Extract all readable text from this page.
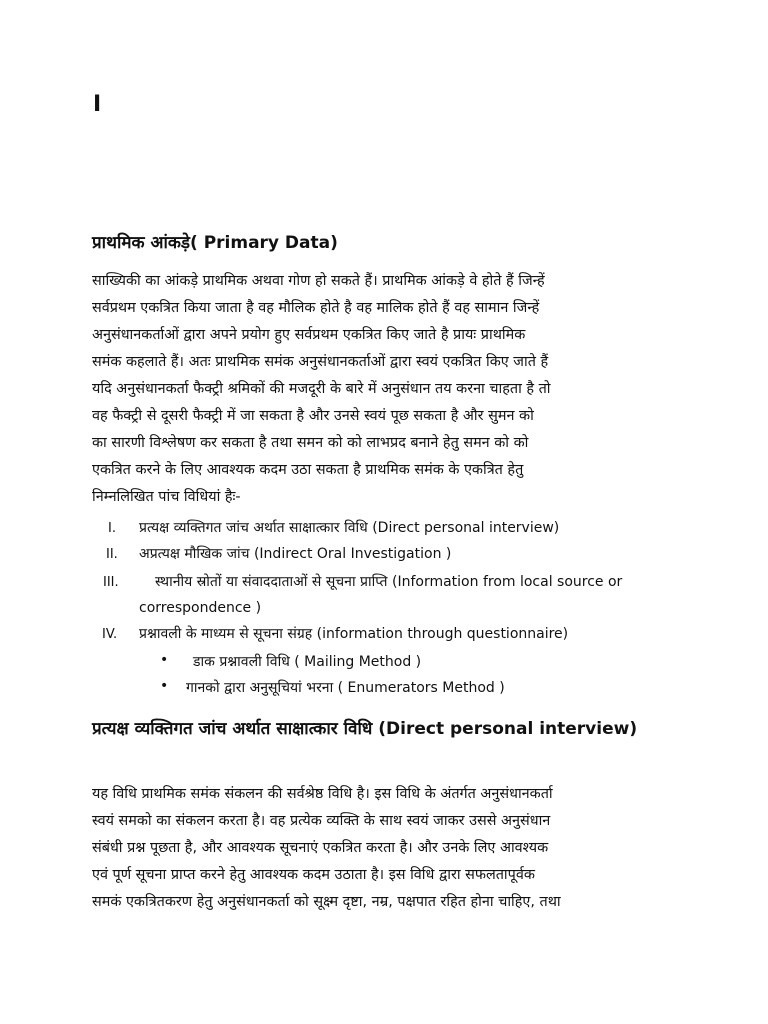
I
प्राथमिक आंकड़े( Primary Data)
साख्यिकी का आंकड़े प्राथमिक अथवा गोण हो सकते हैं। प्राथमिक आंकड़े वे होते हैं जिन्हें
सर्वप्रथम एकत्रित किया जाता है वह मौलिक होते है वह मालिक होते हैं वह सामान जिन्हें
अनुसंधानकर्ताओं द्वारा अपने प्रयोग हुए सर्वप्रथम एकत्रित किए जाते है प्रायः प्राथमिक
समंक कहलाते हैं। अतः प्राथमिक समंक अनुसंधानकर्ताओं द्वारा स्वयं एकत्रित किए जाते हैं
यदि अनुसंधानकर्ता फैक्ट्री श्रमिकों की मजदूरी के बारे में अनुसंधान तय करना चाहता है तो
वह फैक्ट्री से दूसरी फैक्ट्री में जा सकता है और उनसे स्वयं पूछ सकता है और सुमन को
का सारणी विश्लेषण कर सकता है तथा समन को को लाभप्रद बनाने हेतु समन को को
एकत्रित करने के लिए आवश्यक कदम उठा सकता है प्राथमिक समंक के एकत्रित हेतु
निम्नलिखित पांच विधियां हैः-
I. प्रत्यक्ष व्यक्तिगत जांच अर्थात साक्षात्कार विधि (Direct personal interview)
II. अप्रत्यक्ष मौखिक जांच (Indirect Oral Investigation )
III.	स्थानीय स्रोतों या संवाददाताओं से सूचना प्राप्ति (Information from local source or
correspondence )
IV. प्रश्नावली के माध्यम से सूचना संग्रह (information through questionnaire)
• डाक प्रश्नावली विधि ( Mailing Method )
• गानको द्वारा अनुसूचियां भरना ( Enumerators Method )
प्रत्यक्ष व्यक्तिगत जांच अर्थात साक्षात्कार विधि (Direct personal interview)
यह विधि प्राथमिक समंक संकलन की सर्वश्रेष्ठ विधि है। इस विधि के अंतर्गत अनुसंधानकर्ता
स्वयं समको का संकलन करता है। वह प्रत्येक व्यक्ति के साथ स्वयं जाकर उससे अनुसंधान
संबंधी प्रश्न पूछता है, और आवश्यक सूचनाएं एकत्रित करता है। और उनके लिए आवश्यक
एवं पूर्ण सूचना प्राप्त करने हेतु आवश्यक कदम उठाता है। इस विधि द्वारा सफलतापूर्वक
समकं एकत्रितकरण हेतु अनुसंधानकर्ता को सूक्ष्म दृष्टा, नम्र, पक्षपात रहित होना चाहिए, तथा
